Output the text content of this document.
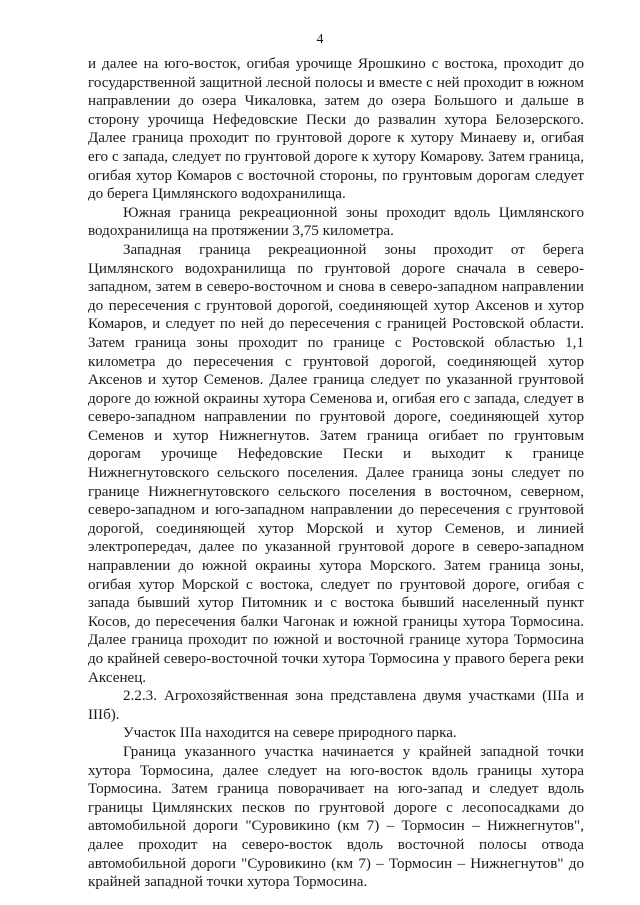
4

и далее на юго-восток, огибая урочище Ярошкино с востока, проходит до государственной защитной лесной полосы и вместе с ней проходит в южном направлении до озера Чикаловка, затем до озера Большого и дальше в сторону урочища Нефедовские Пески до развалин хутора Белозерского. Далее граница проходит по грунтовой дороге к хутору Минаеву и, огибая его с запада, следует по грунтовой дороге к хутору Комарову. Затем граница, огибая хутор Комаров с восточной стороны, по грунтовым дорогам следует до берега Цимлянского водохранилища.

Южная граница рекреационной зоны проходит вдоль Цимлянского водохранилища на протяжении 3,75 километра.

Западная граница рекреационной зоны проходит от берега Цимлянского водохранилища по грунтовой дороге сначала в северо-западном, затем в северо-восточном и снова в северо-западном направлении до пересечения с грунтовой дорогой, соединяющей хутор Аксенов и хутор Комаров, и следует по ней до пересечения с границей Ростовской области. Затем граница зоны проходит по границе с Ростовской областью 1,1 километра до пересечения с грунтовой дорогой, соединяющей хутор Аксенов и хутор Семенов. Далее граница следует по указанной грунтовой дороге до южной окраины хутора Семенова и, огибая его с запада, следует в северо-западном направлении по грунтовой дороге, соединяющей хутор Семенов и хутор Нижнегнутов. Затем граница огибает по грунтовым дорогам урочище Нефедовские Пески и выходит к границе Нижнегнутовского сельского поселения. Далее граница зоны следует по границе Нижнегнутовского сельского поселения в восточном, северном, северо-западном и юго-западном направлении до пересечения с грунтовой дорогой, соединяющей хутор Морской и хутор Семенов, и линией электропередач, далее по указанной грунтовой дороге в северо-западном направлении до южной окраины хутора Морского. Затем граница зоны, огибая хутор Морской с востока, следует по грунтовой дороге, огибая с запада бывший хутор Питомник и с востока бывший населенный пункт Косов, до пересечения балки Чагонак и южной границы хутора Тормосина. Далее граница проходит по южной и восточной границе хутора Тормосина до крайней северо-восточной точки хутора Тормосина у правого берега реки Аксенец.

2.2.3. Агрохозяйственная зона представлена двумя участками (IIIа и IIIб).

Участок IIIа находится на севере природного парка.

Граница указанного участка начинается у крайней западной точки хутора Тормосина, далее следует на юго-восток вдоль границы хутора Тормосина. Затем граница поворачивает на юго-запад и следует вдоль границы Цимлянских песков по грунтовой дороге с лесопосадками до автомобильной дороги "Суровикино (км 7) – Тормосин – Нижнегнутов", далее проходит на северо-восток вдоль восточной полосы отвода автомобильной дороги "Суровикино (км 7) – Тормосин – Нижнегнутов" до крайней западной точки хутора Тормосина.
